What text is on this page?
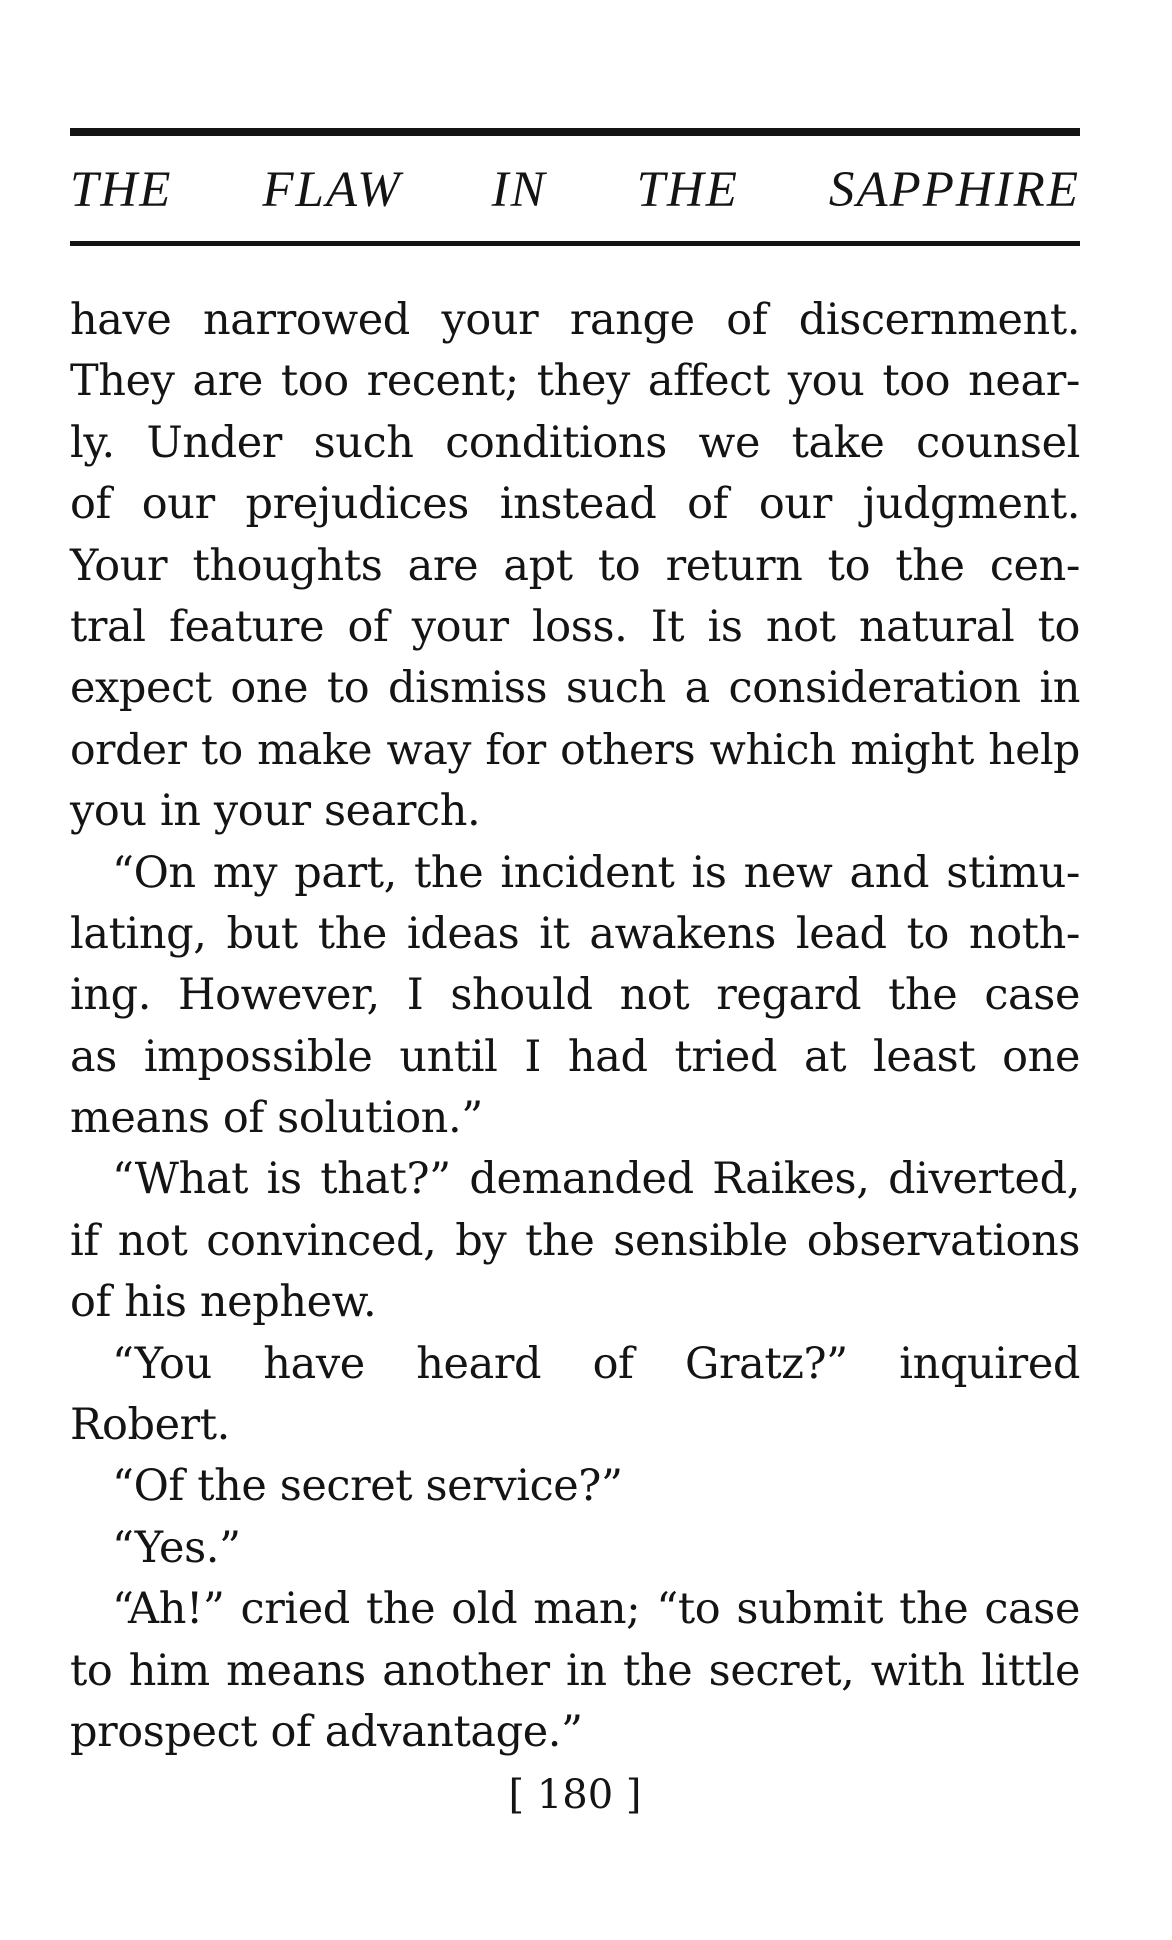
THE FLAW IN THE SAPPHIRE
have narrowed your range of discernment.
They are too recent; they affect you too near-
ly. Under such conditions we take counsel
of our prejudices instead of our judgment.
Your thoughts are apt to return to the cen-
tral feature of your loss. It is not natural to
expect one to dismiss such a consideration in
order to make way for others which might help
you in your search.
“On my part, the incident is new and stimu-
lating, but the ideas it awakens lead to noth-
ing. However, I should not regard the case
as impossible until I had tried at least one
means of solution.”
“What is that?” demanded Raikes, diverted,
if not convinced, by the sensible observations
of his nephew.
“You have heard of Gratz?” inquired
Robert.
“Of the secret service?”
“Yes.”
“Ah!” cried the old man; “to submit the case
to him means another in the secret, with little
prospect of advantage.”
[ 180 ]
